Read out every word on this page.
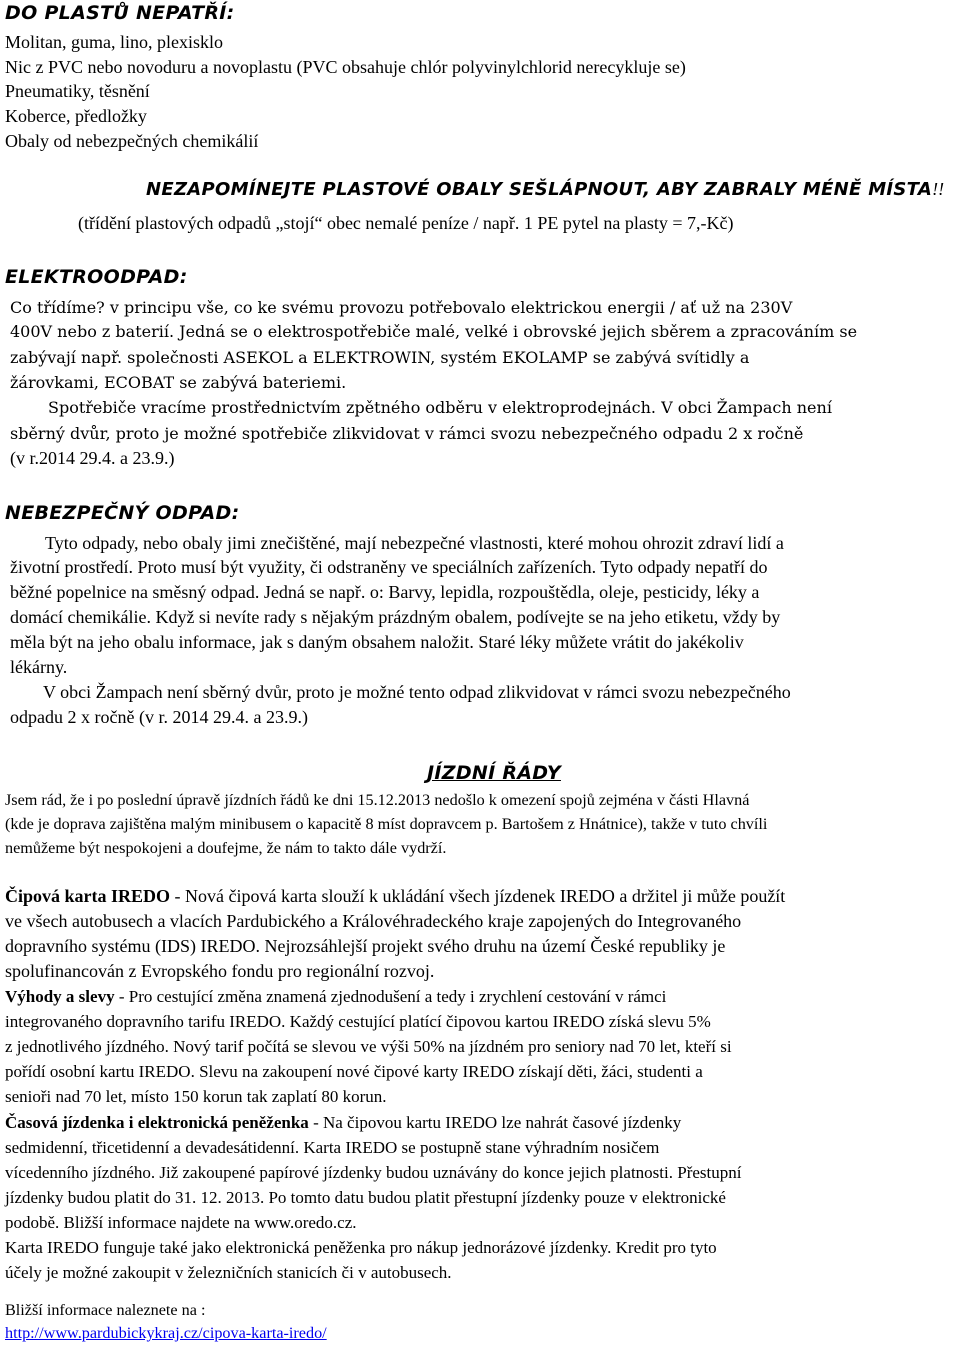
DO PLASTŮ NEPATŘÍ:
Molitan, guma, lino, plexisklo
Nic z PVC nebo novoduru a novoplastu (PVC obsahuje chlór polyvinylchlorid nerecykluje se)
Pneumatiky, těsnění
Koberce, předložky
Obaly od nebezpečných chemikálií
NEZAPOMÍNEJTE PLASTOVÉ OBALY SEŠLÁPNOUT, ABY ZABRALY MÉNĚ MÍSTA!!
(třídění plastových odpadů „stojí“ obec nemalé peníze / např. 1 PE pytel na plasty = 7,-Kč)
ELEKTROODPAD:
Co třídíme? v principu vše, co ke svému provozu potřebovalo elektrickou energii / ať už na 230V
400V nebo z baterií. Jedná se o elektrospotřebiče malé, velké i obrovské jejich sběrem a zpracováním se
zabývají např. společnosti ASEKOL a ELEKTROWIN, systém EKOLAMP se zabývá svítidly a
žárovkami, ECOBAT se zabývá bateriemi.
Spotřebiče vracíme prostřednictvím zpětného odběru v elektroprodejnách. V obci Žampach není
sběrný dvůr, proto je možné spotřebiče zlikvidovat v rámci svozu nebezpečného odpadu 2 x ročně
(v r.2014 29.4. a 23.9.)
NEBEZPEČNÝ ODPAD:
Tyto odpady, nebo obaly jimi znečištěné, mají nebezpečné vlastnosti, které mohou ohrozit zdraví lidí a
životní prostředí. Proto musí být využity, či odstraněny ve speciálních zařízeních. Tyto odpady nepatří do
běžné popelnice na směsný odpad. Jedná se např. o: Barvy, lepidla, rozpouštědla, oleje, pesticidy, léky a
domácí chemikálie. Když si nevíte rady s nějakým prázdným obalem, podívejte se na jeho etiketu, vždy by
měla být na jeho obalu informace, jak s daným obsahem naložit. Staré léky můžete vrátit do jakékoliv
lékárny.
V obci Žampach není sběrný dvůr, proto je možné tento odpad zlikvidovat v rámci svozu nebezpečného
odpadu 2 x ročně (v r. 2014 29.4. a 23.9.)
JÍZDNÍ ŘÁDY
Jsem rád, že i po poslední úpravě jízdních řádů ke dni 15.12.2013 nedošlo k omezení spojů zejména v části Hlavná
(kde je doprava zajištěna malým minibusem o kapacitě 8 míst dopravcem p. Bartošem z Hnátnice), takže v tuto chvíli
nemůžeme být nespokojeni a doufejme, že nám to takto dále vydrží.
Čipová karta IREDO - Nová čipová karta slouží k ukládání všech jízdenek IREDO a držitel ji může použít
ve všech autobusech a vlacích Pardubického a Královéhradeckého kraje zapojených do Integrovaného
dopravního systému (IDS) IREDO. Nejrozsáhlejší projekt svého druhu na území České republiky je
spolufinancován z Evropského fondu pro regionální rozvoj.
Výhody a slevy - Pro cestující změna znamená zjednodušení a tedy i zrychlení cestování v rámci
integrovaného dopravního tarifu IREDO. Každý cestující platící čipovou kartou IREDO získá slevu 5%
z jednotlivého jízdného. Nový tarif počítá se slevou ve výši 50% na jízdném pro seniory nad 70 let, kteří si
pořídí osobní kartu IREDO. Slevu na zakoupení nové čipové karty IREDO získají děti, žáci, studenti a
senioři nad 70 let, místo 150 korun tak zaplatí 80 korun.
Časová jízdenka i elektronická peněženka - Na čipovou kartu IREDO lze nahrát časové jízdenky
sedmidenní, třicetidenní a devadesátidenní. Karta IREDO se postupně stane výhradním nosičem
vícedenního jízdného. Již zakoupené papírové jízdenky budou uznávány do konce jejich platnosti. Přestupní
jízdenky budou platit do 31. 12. 2013. Po tomto datu budou platit přestupní jízdenky pouze v elektronické
podobě. Bližší informace najdete na www.oredo.cz.
Karta IREDO funguje také jako elektronická peněženka pro nákup jednorázové jízdenky. Kredit pro tyto
účely je možné zakoupit v železničních stanicích či v autobusech.
Bližší informace naleznete na :
http://www.pardubickykraj.cz/cipova-karta-iredo/
